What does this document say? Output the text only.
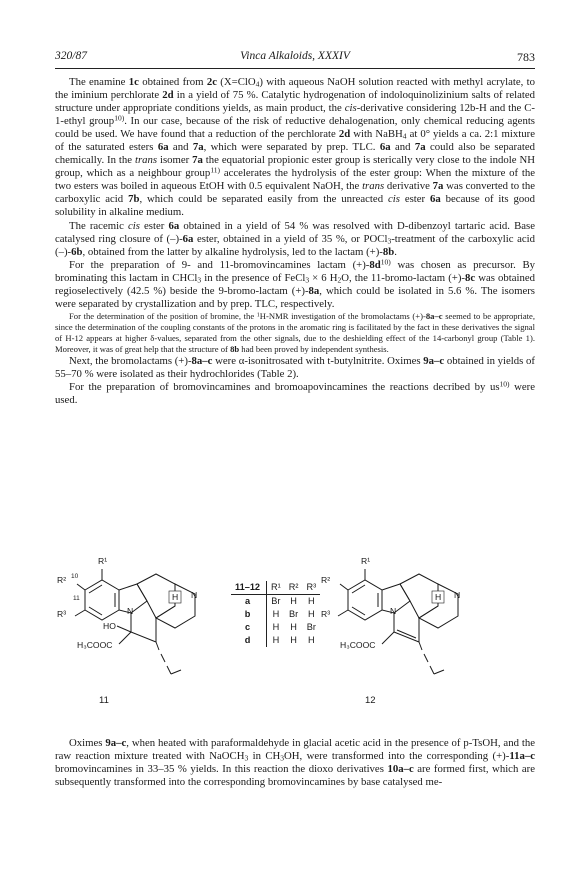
320/87	Vinca Alkaloids, XXXIV	783

The enamine 1c obtained from 2c (X=ClO$_4$) with aqueous NaOH solution reacted with methyl acrylate, to the iminium perchlorate 2d in a yield of 75 %. Catalytic hydrogenation of indoloquinolizinium salts of related structure under appropriate conditions yields, as main product, the cis-derivative considering 12b-H and the C-1-ethyl group$^{10)}$. In our case, because of the risk of reductive dehalogenation, only chemical reducing agents could be used. We have found that a reduction of the perchlorate 2d with NaBH$_4$ at 0° yields a ca. 2:1 mixture of the saturated esters 6a and 7a, which were separated by prep. TLC. 6a and 7a could also be separated chemically. In the trans isomer 7a the equatorial propionic ester group is sterically very close to the indole NH group, which as a neighbour group$^{11)}$ accelerates the hydrolysis of the ester group: When the mixture of the two esters was boiled in aqueous EtOH with 0.5 equivalent NaOH, the trans derivative 7a was converted to the carboxylic acid 7b, which could be separated easily from the unreacted cis ester 6a because of its good solubility in alkaline medium.

The racemic cis ester 6a obtained in a yield of 54 % was resolved with D-dibenzoyl tartaric acid. Base catalysed ring closure of (–)-6a ester, obtained in a yield of 35 %, or POCl$_3$-treatment of the carboxylic acid (–)-6b, obtained from the latter by alkaline hydrolysis, led to the lactam (+)-8b.

For the preparation of 9- and 11-bromovincamines lactam $(+)-8d^{10)}$ was chosen as precursor. By brominating this lactam in CHCl$_3$ in the presence of FeCl$_3$ × 6 $H_2O$, the 11-bromo-lactam (+)-8c was obtained regioselectively (42.5 %) beside the 9-bromo-lactam (+)-8a, which could be isolated in 5.6 %. The isomers were separated by crystallization and by prep. TLC, respectively.

For the determination of the position of bromine, the $^1$H-NMR investigation of the bromolactams (+)-8a–c seemed to be appropriate, since the determination of the coupling constants of the protons in the aromatic ring is facilitated by the fact in these derivatives the signal of H-12 appears at higher δ-values, separated from the other signals, due to the deshielding effect of the 14-carbonyl group (Table 1). Moreover, it was of great help that the structure of 8b had been proved by independent synthesis.

Next, the bromolactams (+)-8a–c were α-isonitrosated with t-butylnitrite. Oximes 9a–c obtained in yields of 55–70 % were isolated as their hydrochlorides (Table 2).

For the preparation of bromovincamines and bromoapovincamines the reactions decribed by $us^{10)}$ were used.

R¹
R² 10
11
R³
HO
N
N
H
H₃COOC
11
R¹
R²
R³	N
N
H
H₃COOC
12
11–12	R¹	R²	R³
a	Br	H	H
b	H	Br	H
c	H	H	Br
d	H	H	H

Oximes 9a–c, when heated with paraformaldehyde in glacial acetic acid in the presence of p-TsOH, and the raw reaction mixture treated with NaOCH$_3$ in $CH_3OH$, were transformed into the corresponding (+)-11a–c bromovincamines in 33–35 % yields. In this reaction the dioxo derivatives 10a–c are formed first, which are subsequently transformed into the corresponding bromovincamines by base catalysed me-
